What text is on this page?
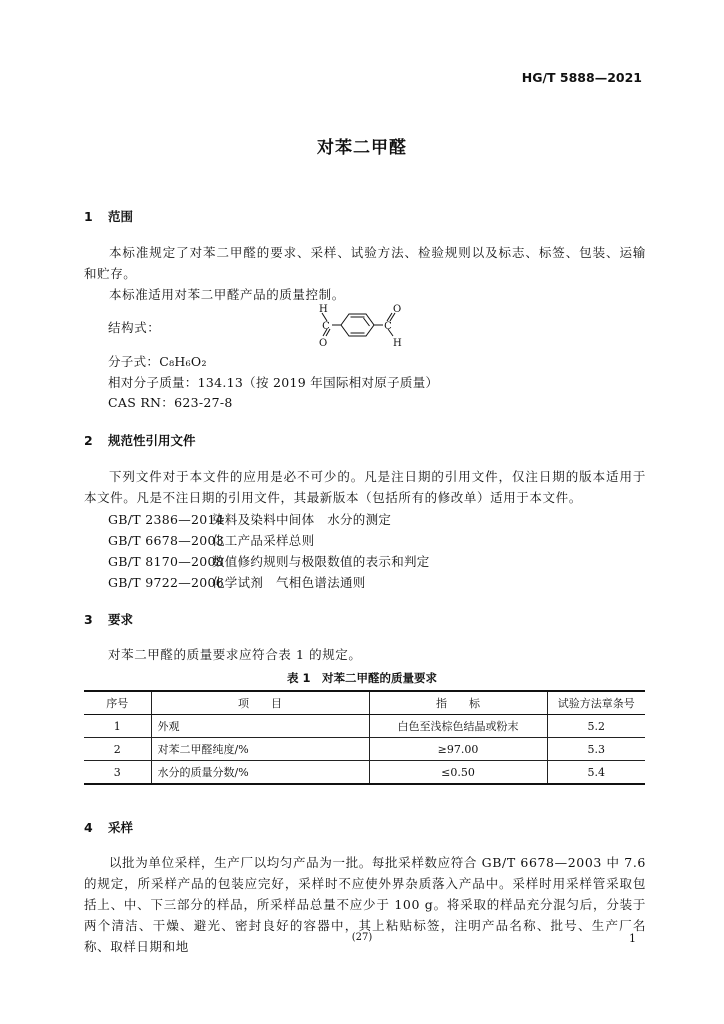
HG/T 5888—2021
对苯二甲醛
1 范围
本标准规定了对苯二甲醛的要求、采样、试验方法、检验规则以及标志、标签、包装、运输和贮存。
本标准适用对苯二甲醛产品的质量控制。
结构式：	C	C
H
O
O
H
分子式：C₈H₆O₂
相对分子质量：134.13（按 2019 年国际相对原子质量）
CAS RN：623-27-8
2 规范性引用文件
下列文件对于本文件的应用是必不可少的。凡是注日期的引用文件，仅注日期的版本适用于本文件。凡是不注日期的引用文件，其最新版本（包括所有的修改单）适用于本文件。
GB/T 2386—2014染料及染料中间体　水分的测定
GB/T 6678—2003化工产品采样总则
GB/T 8170—2008数值修约规则与极限数值的表示和判定
GB/T 9722—2006化学试剂　气相色谱法通则
3 要求
对苯二甲醛的质量要求应符合表 1 的规定。
表 1　对苯二甲醛的质量要求
序号	项　　目	指　　标	试验方法章条号
1	外观	白色至浅棕色结晶或粉末	5.2
2	对苯二甲醛纯度/%	≥97.00	5.3
3	水分的质量分数/%	≤0.50	5.4
4 采样
以批为单位采样，生产厂以均匀产品为一批。每批采样数应符合 GB/T 6678—2003 中 7.6 的规定，所采样产品的包装应完好，采样时不应使外界杂质落入产品中。采样时用采样管采取包括上、中、下三部分的样品，所采样品总量不应少于 100 g。将采取的样品充分混匀后，分装于两个清洁、干燥、避光、密封良好的容器中，其上粘贴标签，注明产品名称、批号、生产厂名称、取样日期和地
(27)	1
